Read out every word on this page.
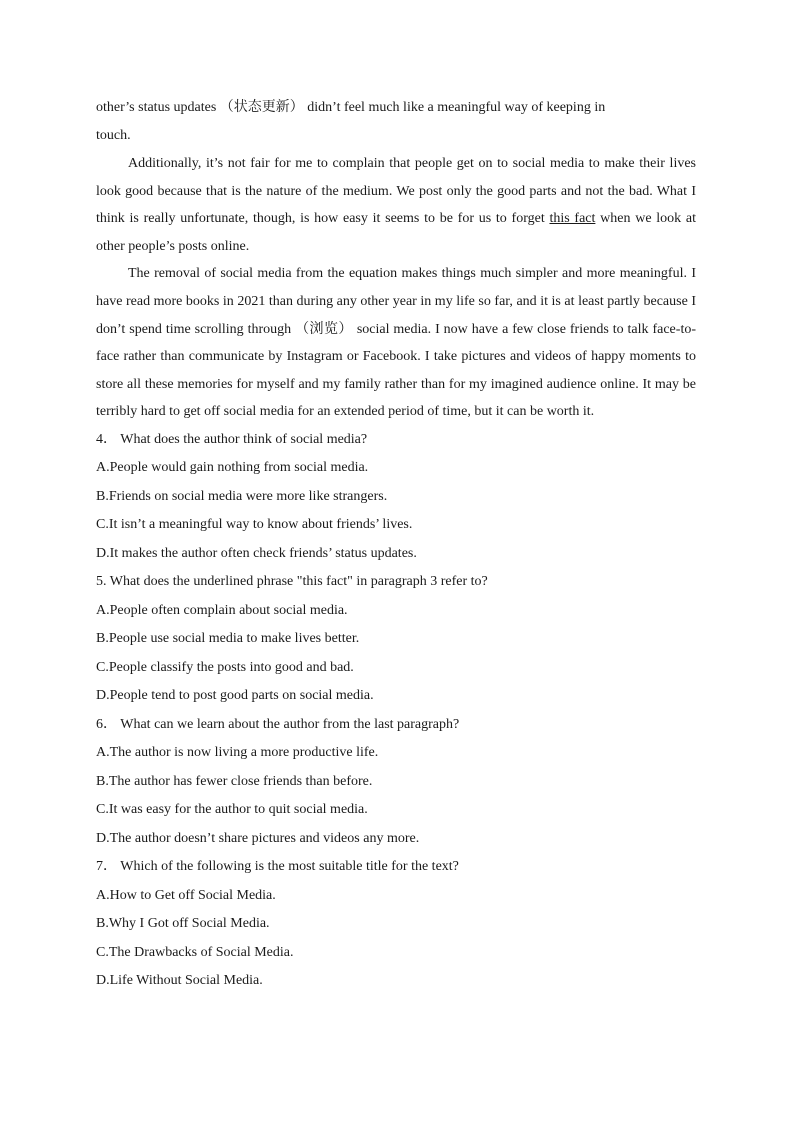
other’s status updates （状态更新） didn’t feel much like a meaningful way of keeping in
touch.
Additionally, it’s not fair for me to complain that people get on to social media to make their lives look good because that is the nature of the medium. We post only the good parts and not the bad. What I think is really unfortunate, though, is how easy it seems to be for us to forget this fact when we look at other people’s posts online.
The removal of social media from the equation makes things much simpler and more meaningful. I have read more books in 2021 than during any other year in my life so far, and it is at least partly because I don’t spend time scrolling through （浏览） social media. I now have a few close friends to talk face-to-face rather than communicate by Instagram or Facebook. I take pictures and videos of happy moments to store all these memories for myself and my family rather than for my imagined audience online. It may be terribly hard to get off social media for an extended period of time, but it can be worth it.
4． What does the author think of social media?
A.People would gain nothing from social media.
B.Friends on social media were more like strangers.
C.It isn’t a meaningful way to know about friends’ lives.
D.It makes the author often check friends’ status updates.
5. What does the underlined phrase "this fact" in paragraph 3 refer to?
A.People often complain about social media.
B.People use social media to make lives better.
C.People classify the posts into good and bad.
D.People tend to post good parts on social media.
6． What can we learn about the author from the last paragraph?
A.The author is now living a more productive life.
B.The author has fewer close friends than before.
C.It was easy for the author to quit social media.
D.The author doesn’t share pictures and videos any more.
7． Which of the following is the most suitable title for the text?
A.How to Get off Social Media.
B.Why I Got off Social Media.
C.The Drawbacks of Social Media.
D.Life Without Social Media.
